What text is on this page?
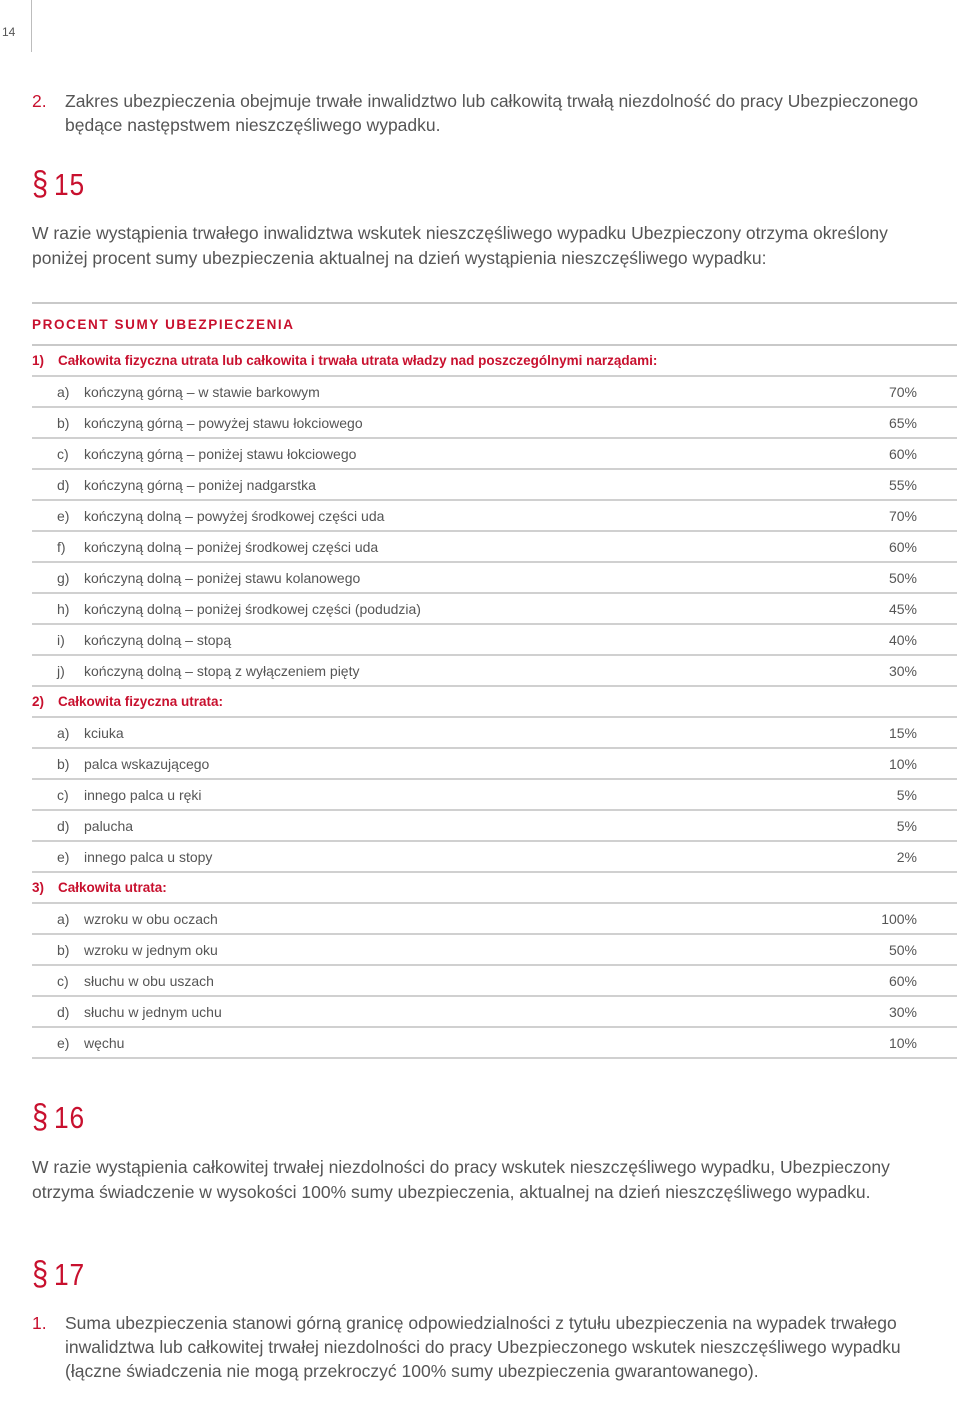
14
2. Zakres ubezpieczenia obejmuje trwałe inwalidztwo lub całkowitą trwałą niezdolność do pracy Ubezpieczonego będące następstwem nieszczęśliwego wypadku.
§ 15
W razie wystąpienia trwałego inwalidztwa wskutek nieszczęśliwego wypadku Ubezpieczony otrzyma określony poniżej procent sumy ubezpieczenia aktualnej na dzień wystąpienia nieszczęśliwego wypadku:
PROCENT SUMY UBEZPIECZENIA
1) Całkowita fizyczna utrata lub całkowita i trwała utrata władzy nad poszczególnymi narządami:
a) kończyną górną – w stawie barkowym	70%
b) kończyną górną – powyżej stawu łokciowego	65%
c) kończyną górną – poniżej stawu łokciowego	60%
d) kończyną górną – poniżej nadgarstka	55%
e) kończyną dolną – powyżej środkowej części uda	70%
f) kończyną dolną – poniżej środkowej części uda	60%
g) kończyną dolną – poniżej stawu kolanowego	50%
h) kończyną dolną – poniżej środkowej części (podudzia)	45%
i) kończyną dolną – stopą	40%
j) kończyną dolną – stopą z wyłączeniem pięty	30%
2) Całkowita fizyczna utrata:
a) kciuka	15%
b) palca wskazującego	10%
c) innego palca u ręki	5%
d) palucha	5%
e) innego palca u stopy	2%
3) Całkowita utrata:
a) wzroku w obu oczach	100%
b) wzroku w jednym oku	50%
c) słuchu w obu uszach	60%
d) słuchu w jednym uchu	30%
e) węchu	10%
§ 16
W razie wystąpienia całkowitej trwałej niezdolności do pracy wskutek nieszczęśliwego wypadku, Ubezpieczony otrzyma świadczenie w wysokości 100% sumy ubezpieczenia, aktualnej na dzień nieszczęśliwego wypadku.
§ 17
1. Suma ubezpieczenia stanowi górną granicę odpowiedzialności z tytułu ubezpieczenia na wypadek trwałego inwalidztwa lub całkowitej trwałej niezdolności do pracy Ubezpieczonego wskutek nieszczęśliwego wypadku (łączne świadczenia nie mogą przekroczyć 100% sumy ubezpieczenia gwarantowanego).
